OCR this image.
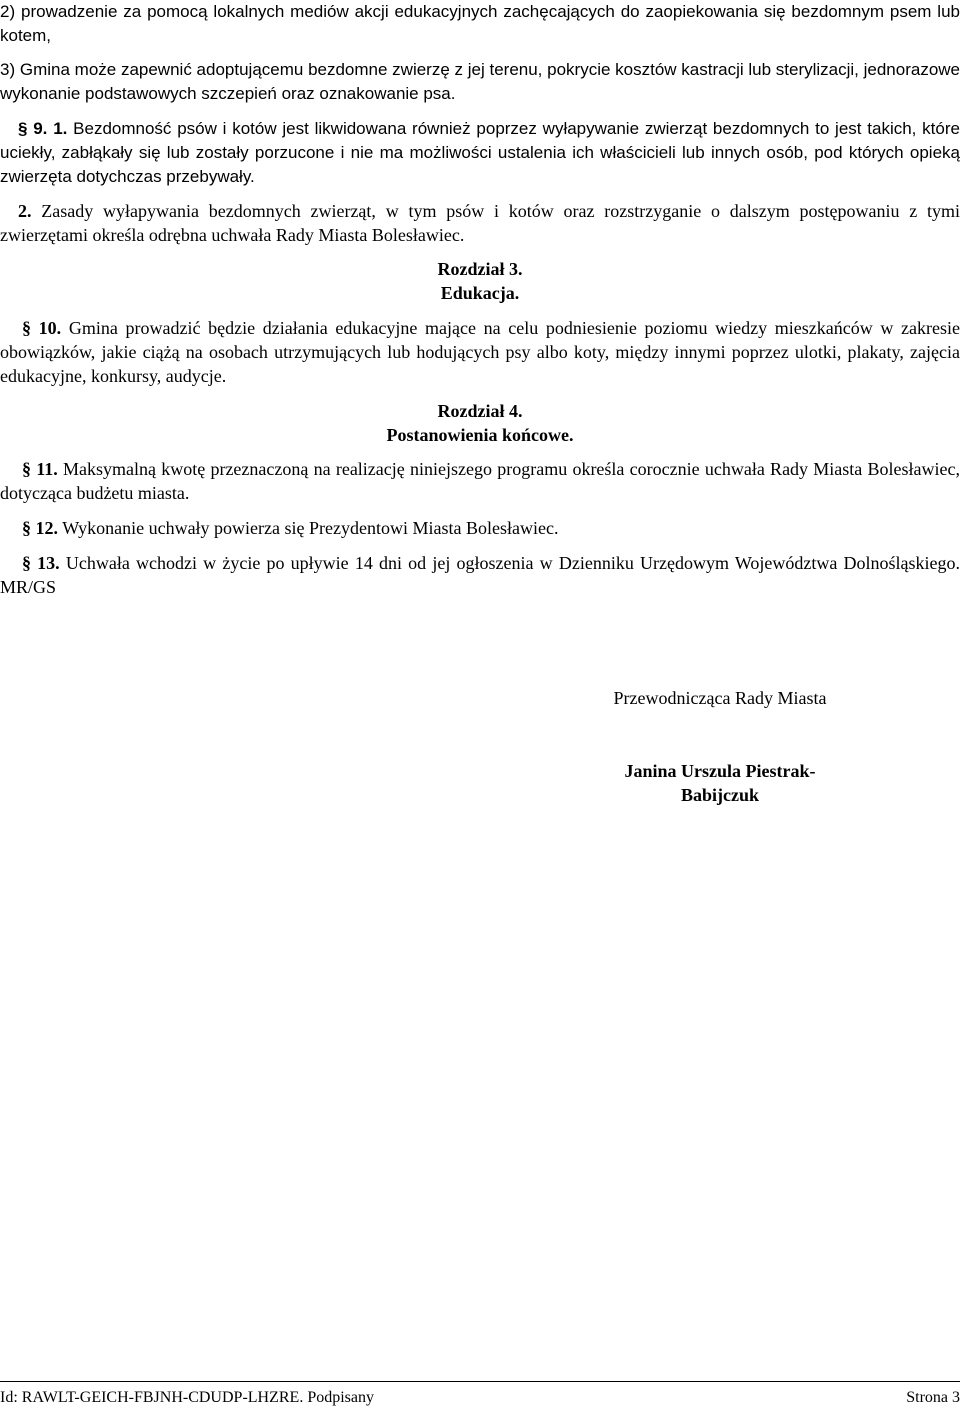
2) prowadzenie za pomocą lokalnych mediów akcji edukacyjnych zachęcających do zaopiekowania się bezdomnym psem lub kotem,
3) Gmina może zapewnić adoptującemu bezdomne zwierzę z jej terenu, pokrycie kosztów kastracji lub sterylizacji, jednorazowe wykonanie podstawowych szczepień oraz oznakowanie psa.
§ 9. 1. Bezdomność psów i kotów jest likwidowana również poprzez wyłapywanie zwierząt bezdomnych to jest takich, które uciekły, zabłąkały się lub zostały porzucone i nie ma możliwości ustalenia ich właścicieli lub innych osób, pod których opieką zwierzęta dotychczas przebywały.
2. Zasady wyłapywania bezdomnych zwierząt, w tym psów i kotów oraz rozstrzyganie o dalszym postępowaniu z tymi zwierzętami określa odrębna uchwała Rady Miasta Bolesławiec.
Rozdział 3.
Edukacja.
§ 10. Gmina prowadzić będzie działania edukacyjne mające na celu podniesienie poziomu wiedzy mieszkańców w zakresie obowiązków, jakie ciążą na osobach utrzymujących lub hodujących psy albo koty, między innymi poprzez ulotki, plakaty, zajęcia edukacyjne, konkursy, audycje.
Rozdział 4.
Postanowienia końcowe.
§ 11. Maksymalną kwotę przeznaczoną na realizację niniejszego programu określa corocznie uchwała Rady Miasta Bolesławiec, dotycząca budżetu miasta.
§ 12. Wykonanie uchwały powierza się Prezydentowi Miasta Bolesławiec.
§ 13. Uchwała wchodzi w życie po upływie 14 dni od jej ogłoszenia w Dzienniku Urzędowym Województwa Dolnośląskiego. MR/GS
Przewodnicząca Rady Miasta
Janina Urszula Piestrak-
Babijczuk
Id: RAWLT-GEICH-FBJNH-CDUDP-LHZRE. Podpisany	Strona 3
